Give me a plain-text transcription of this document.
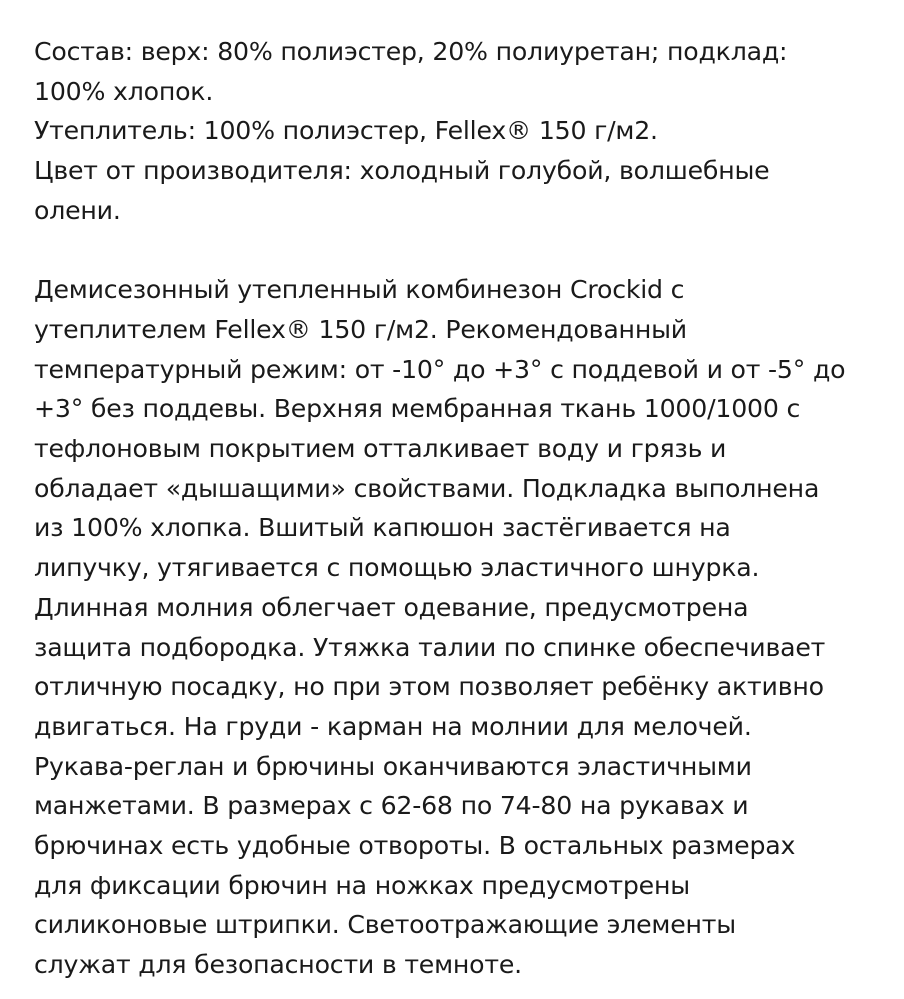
Состав: верх: 80% полиэстер, 20% полиуретан; подклад:
100% хлопок.
Утеплитель: 100% полиэстер, Fellex® 150 г/м2.
Цвет от производителя: холодный голубой, волшебные
олени.

Демисезонный утепленный комбинезон Crockid с
утеплителем Fellex® 150 г/м2. Рекомендованный
температурный режим: от -10° до +3° с поддевой и от -5° до
+3° без поддевы. Верхняя мембранная ткань 1000/1000 с
тефлоновым покрытием отталкивает воду и грязь и
обладает «дышащими» свойствами. Подкладка выполнена
из 100% хлопка. Вшитый капюшон застёгивается на
липучку, утягивается с помощью эластичного шнурка.
Длинная молния облегчает одевание, предусмотрена
защита подбородка. Утяжка талии по спинке обеспечивает
отличную посадку, но при этом позволяет ребёнку активно
двигаться. На груди - карман на молнии для мелочей.
Рукава-реглан и брючины оканчиваются эластичными
манжетами. В размерах с 62-68 по 74-80 на рукавах и
брючинах есть удобные отвороты. В остальных размерах
для фиксации брючин на ножках предусмотрены
силиконовые штрипки. Светоотражающие элементы
служат для безопасности в темноте.
